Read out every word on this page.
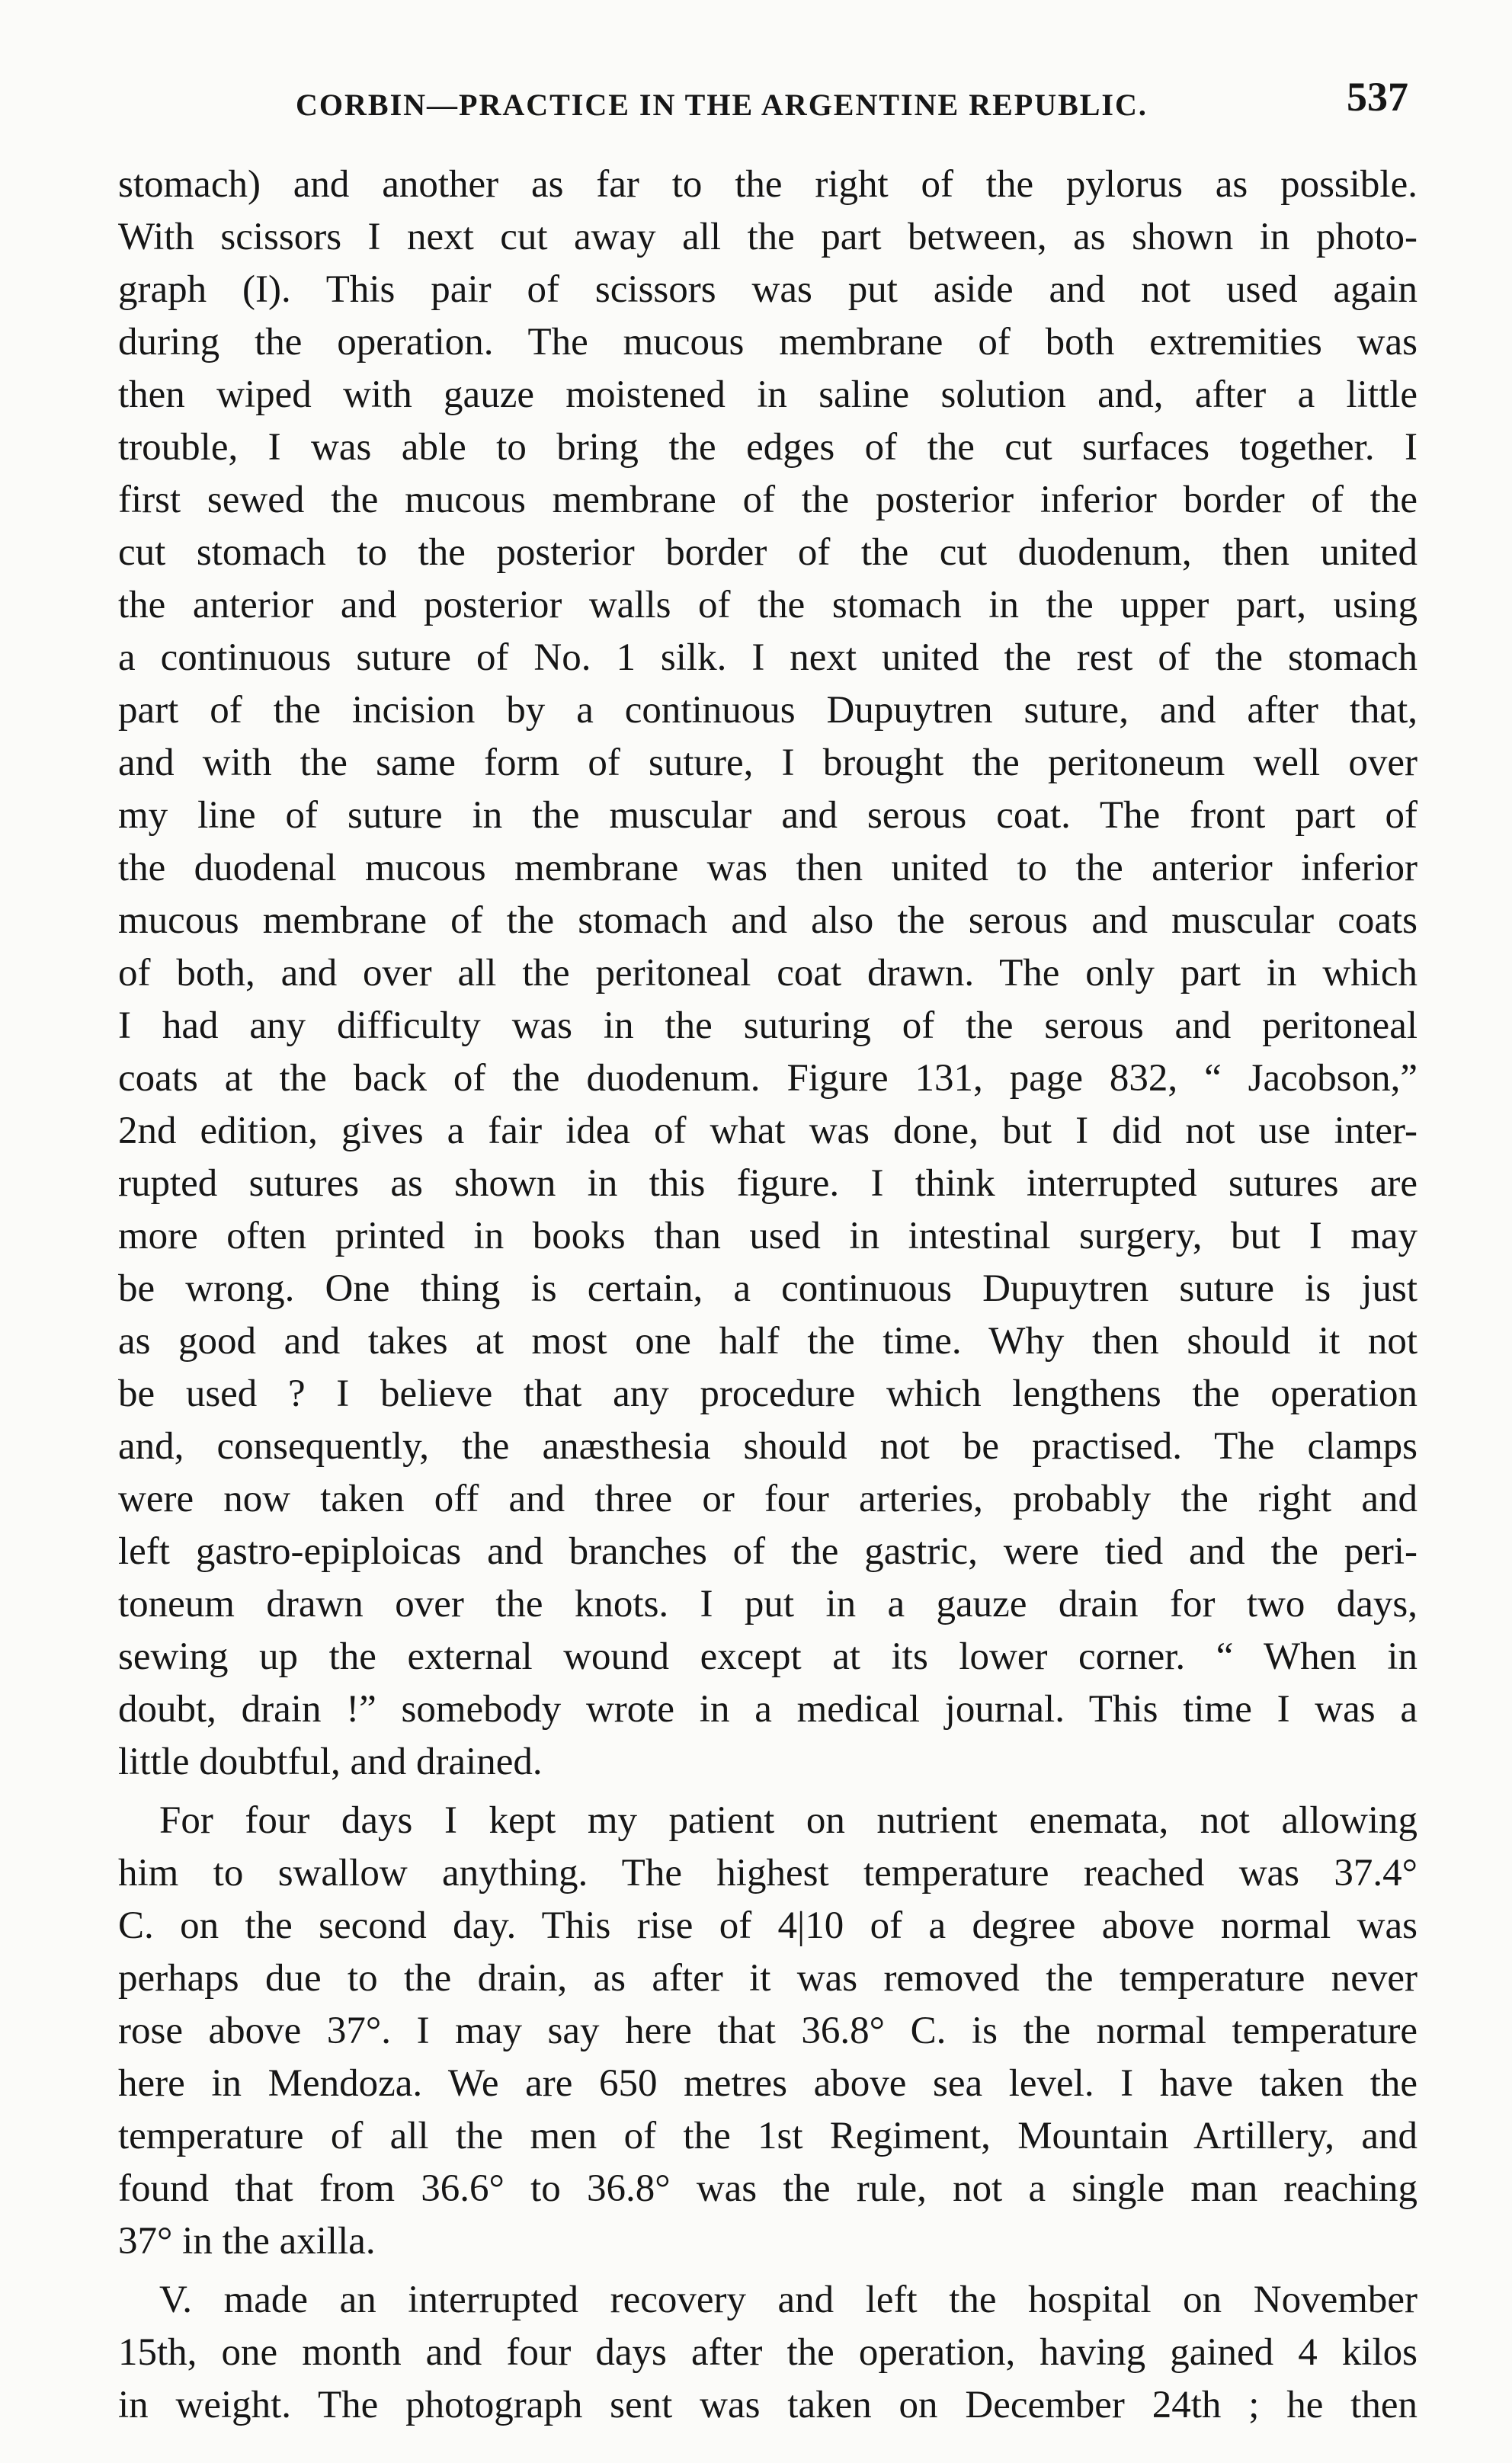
CORBIN—PRACTICE IN THE ARGENTINE REPUBLIC.	537
stomach) and another as far to the right of the pylorus as possible.
With scissors I next cut away all the part between, as shown in photo-
graph (I). This pair of scissors was put aside and not used again
during the operation. The mucous membrane of both extremities was
then wiped with gauze moistened in saline solution and, after a little
trouble, I was able to bring the edges of the cut surfaces together. I
first sewed the mucous membrane of the posterior inferior border of the
cut stomach to the posterior border of the cut duodenum, then united
the anterior and posterior walls of the stomach in the upper part, using
a continuous suture of No. 1 silk. I next united the rest of the stomach
part of the incision by a continuous Dupuytren suture, and after that,
and with the same form of suture, I brought the peritoneum well over
my line of suture in the muscular and serous coat. The front part of
the duodenal mucous membrane was then united to the anterior inferior
mucous membrane of the stomach and also the serous and muscular coats
of both, and over all the peritoneal coat drawn. The only part in which
I had any difficulty was in the suturing of the serous and peritoneal
coats at the back of the duodenum. Figure 131, page 832, “ Jacobson,”
2nd edition, gives a fair idea of what was done, but I did not use inter-
rupted sutures as shown in this figure. I think interrupted sutures are
more often printed in books than used in intestinal surgery, but I may
be wrong. One thing is certain, a continuous Dupuytren suture is just
as good and takes at most one half the time. Why then should it not
be used ? I believe that any procedure which lengthens the operation
and, consequently, the anæsthesia should not be practised. The clamps
were now taken off and three or four arteries, probably the right and
left gastro-epiploicas and branches of the gastric, were tied and the peri-
toneum drawn over the knots. I put in a gauze drain for two days,
sewing up the external wound except at its lower corner. “ When in
doubt, drain !” somebody wrote in a medical journal. This time I was a
little doubtful, and drained.
For four days I kept my patient on nutrient enemata, not allowing
him to swallow anything. The highest temperature reached was 37.4°
C. on the second day. This rise of 4|10 of a degree above normal was
perhaps due to the drain, as after it was removed the temperature never
rose above 37°. I may say here that 36.8° C. is the normal temperature
here in Mendoza. We are 650 metres above sea level. I have taken the
temperature of all the men of the 1st Regiment, Mountain Artillery, and
found that from 36.6° to 36.8° was the rule, not a single man reaching
37° in the axilla.
V. made an interrupted recovery and left the hospital on November
15th, one month and four days after the operation, having gained 4 kilos
in weight. The photograph sent was taken on December 24th ; he then
